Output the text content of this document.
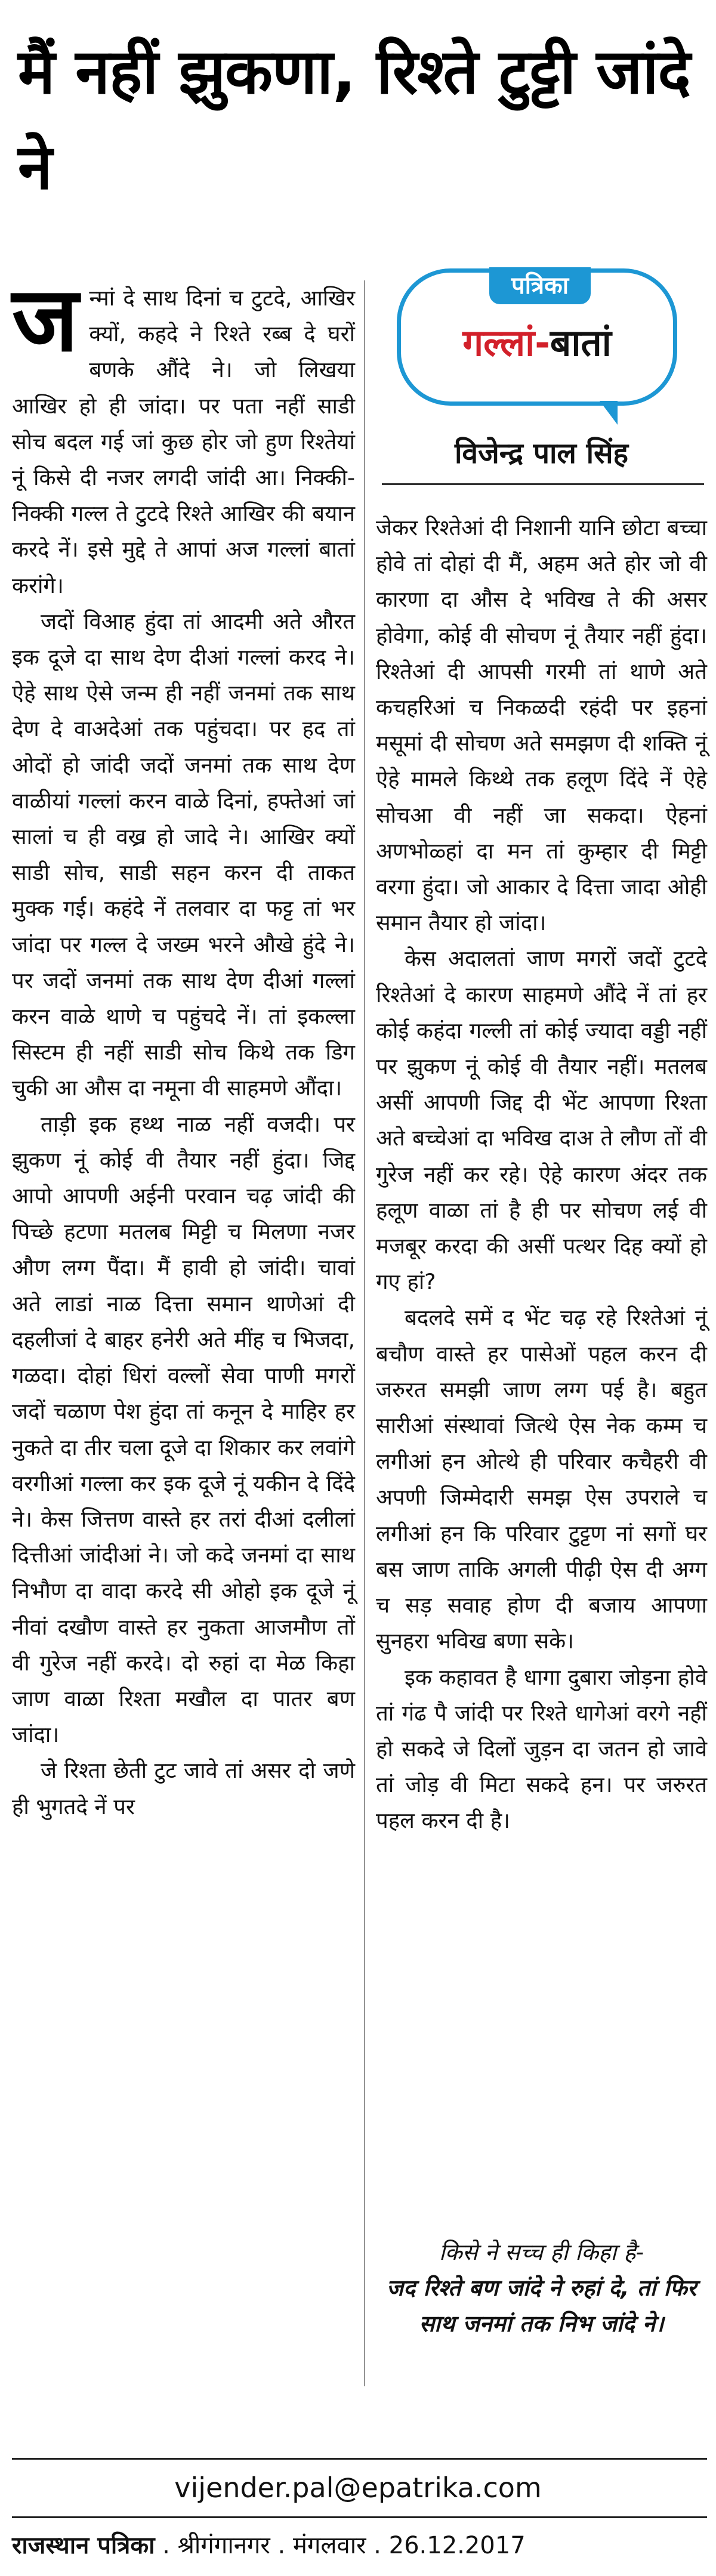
मैं नहीं झुकणा, रिश्ते टुट्टी जांदे ने
पत्रिका
गल्लां-बातां
विजेन्द्र पाल सिंह

जन्मां दे साथ दिनां च टुटदे, आखिर क्यों, कहदे ने रिश्ते रब्ब दे घरों बणके औंदे ने। जो लिखया आखिर हो ही जांदा। पर पता नहीं साडी सोच बदल गई जां कुछ होर जो हुण रिश्तेयां नूं किसे दी नजर लगदी जांदी आ। निक्की-निक्की गल्ल ते टुटदे रिश्ते आखिर की बयान करदे नें। इसे मुद्दे ते आपां अज गल्लां बातां करांगे।

जदों विआह हुंदा तां आदमी अते औरत इक दूजे दा साथ देण दीआं गल्लां करद ने। ऐहे साथ ऐसे जन्म ही नहीं जनमां तक साथ देण दे वाअदेआं तक पहुंचदा। पर हद तां ओदों हो जांदी जदों जनमां तक साथ देण वाळीयां गल्लां करन वाळे दिनां, हफ्तेआं जां सालां च ही वख्र हो जादे ने। आखिर क्यों साडी सोच, साडी सहन करन दी ताकत मुक्क गई। कहंदे नें तलवार दा फट्ट तां भर जांदा पर गल्ल दे जख्म भरने औखे हुंदे ने। पर जदों जनमां तक साथ देण दीआं गल्लां करन वाळे थाणे च पहुंचदे नें। तां इकल्ला सिस्टम ही नहीं साडी सोच किथे तक डिग चुकी आ औस दा नमूना वी साहमणे औंदा।

ताड़ी इक हथ्थ नाळ नहीं वजदी। पर झुकण नूं कोई वी तैयार नहीं हुंदा। जिद्द आपो आपणी अईनी परवान चढ़ जांदी की पिच्छे हटणा मतलब मिट्टी च मिलणा नजर औण लग्ग पैंदा। मैं हावी हो जांदी। चावां अते लाडां नाळ दित्ता समान थाणेआं दी दहलीजां दे बाहर हनेरी अते मींह च भिजदा, गळदा। दोहां धिरां वल्लों सेवा पाणी मगरों जदों चळाण पेश हुंदा तां कनून दे माहिर हर नुकते दा तीर चला दूजे दा शिकार कर लवांगे वरगीआं गल्ला कर इक दूजे नूं यकीन दे दिंदे ने। केस जित्तण वास्ते हर तरां दीआं दलीलां दित्तीआं जांदीआं ने। जो कदे जनमां दा साथ निभौण दा वादा करदे सी ओहो इक दूजे नूं नीवां दखौण वास्ते हर नुकता आजमौण तों वी गुरेज नहीं करदे। दो रुहां दा मेळ किहा जाण वाळा रिश्ता मखौल दा पातर बण जांदा।

जे रिश्ता छेती टुट जावे तां असर दो जणे ही भुगतदे नें पर

जेकर रिश्तेआं दी निशानी यानि छोटा बच्चा होवे तां दोहां दी मैं, अहम अते होर जो वी कारणा दा औस दे भविख ते की असर होवेगा, कोई वी सोचण नूं तैयार नहीं हुंदा। रिश्तेआं दी आपसी गरमी तां थाणे अते कचहरिआं च निकळदी रहंदी पर इहनां मसूमां दी सोचण अते समझण दी शक्ति नूं ऐहे मामले किथ्थे तक हलूण दिंदे नें ऐहे सोचआ वी नहीं जा सकदा। ऐहनां अणभोळ्हां दा मन तां कुम्हार दी मिट्टी वरगा हुंदा। जो आकार दे दित्ता जादा ओही समान तैयार हो जांदा।

केस अदालतां जाण मगरों जदों टुटदे रिश्तेआं दे कारण साहमणे औंदे नें तां हर कोई कहंदा गल्ली तां कोई ज्यादा वड्डी नहीं पर झुकण नूं कोई वी तैयार नहीं। मतलब असीं आपणी जिद्द दी भेंट आपणा रिश्ता अते बच्चेआं दा भविख दाअ ते लौण तों वी गुरेज नहीं कर रहे। ऐहे कारण अंदर तक हलूण वाळा तां है ही पर सोचण लई वी मजबूर करदा की असीं पत्थर दिह क्यों हो गए हां?

बदलदे समें द भेंट चढ़ रहे रिश्तेआं नूं बचौण वास्ते हर पासेओं पहल करन दी जरुरत समझी जाण लग्ग पई है। बहुत सारीआं संस्थावां जित्थे ऐस नेक कम्म च लगीआं हन ओत्थे ही परिवार कचैहरी वी अपणी जिम्मेदारी समझ ऐस उपराले च लगीआं हन कि परिवार टुट्टण नां सगों घर बस जाण ताकि अगली पीढ़ी ऐस दी अग्ग च सड़ सवाह होण दी बजाय आपणा सुनहरा भविख बणा सके।

इक कहावत है धागा दुबारा जोड़ना होवे तां गंढ पै जांदी पर रिश्ते धागेआं वरगे नहीं हो सकदे जे दिलों जुड़न दा जतन हो जावे तां जोड़ वी मिटा सकदे हन। पर जरुरत पहल करन दी है।

किसे ने सच्च ही किहा है-
जद रिश्ते बण जांदे ने रुहां दे, तां फिर साथ जनमां तक निभ जांदे ने।
vijender.pal@epatrika.com
राजस्थान पत्रिका . श्रीगंगानगर . मंगलवार . 26.12.2017
